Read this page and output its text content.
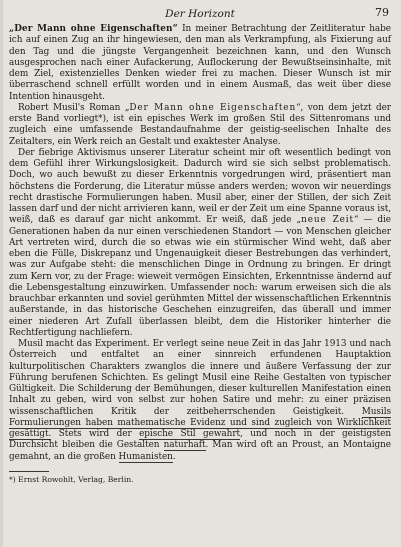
Der Horizont	79

„Der Mann ohne Eigenschaften“ In meiner Betrachtung der Zeitliteratur habe ich auf einen Zug an ihr hingewiesen, den man als Verkrampfung, als Fixierung auf den Tag und die jüngste Vergangenheit bezeichnen kann, und den Wunsch ausgesprochen nach einer Aufackerung, Auflockerung der Bewußtseinsinhalte, mit dem Ziel, existenzielles Denken wieder frei zu machen. Dieser Wunsch ist mir überraschend schnell erfüllt worden und in einem Ausmaß, das weit über diese Intention hinausgeht.

Robert Musil's Roman „Der Mann ohne Eigenschaften“, von dem jetzt der erste Band vorliegt*), ist ein episches Werk im großen Stil des Sittenromans und zugleich eine umfassende Bestandaufnahme der geistig-seelischen Inhalte des Zeitalters, ein Werk reich an Gestalt und exaktester Analyse.

Der fiebrige Aktivismus unserer Literatur scheint mir oft wesentlich bedingt von dem Gefühl ihrer Wirkungslosigkeit. Dadurch wird sie sich selbst problematisch. Doch, wo auch bewußt zu dieser Erkenntnis vorgedrungen wird, präsentiert man höchstens die Forderung, die Literatur müsse anders werden; wovon wir neuerdings recht drastische Formulierungen haben. Musil aber, einer der Stillen, der sich Zeit lassen darf und der nicht arrivieren kann, weil er der Zeit um eine Spanne voraus ist, weiß, daß es darauf gar nicht ankommt. Er weiß, daß jede „neue Zeit“ — die Generationen haben da nur einen verschiedenen Standort — von Menschen gleicher Art vertreten wird, durch die so etwas wie ein stürmischer Wind weht, daß aber eben die Fülle, Diskrepanz und Ungenauigkeit dieser Bestrebungen das verhindert, was zur Aufgabe steht: die menschlichen Dinge in Ordnung zu bringen. Er dringt zum Kern vor, zu der Frage: wieweit vermögen Einsichten, Erkenntnisse ändernd auf die Lebensgestaltung einzuwirken. Umfassender noch: warum erweisen sich die als brauchbar erkannten und soviel gerühmten Mittel der wissenschaftlichen Erkenntnis außerstande, in das historische Geschehen einzugreifen, das überall und immer einer niederen Art Zufall überlassen bleibt, dem die Historiker hinterher die Rechtfertigung nachliefern.

Musil macht das Experiment. Er verlegt seine neue Zeit in das Jahr 1913 und nach Österreich und entfaltet an einer sinnreich erfundenen Hauptaktion kulturpolitischen Charakters zwanglos die innere und äußere Verfassung der zur Führung berufenen Schichten. Es gelingt Musil eine Reihe Gestalten von typischer Gültigkeit. Die Schilderung der Bemühungen, dieser kulturellen Manifestation einen Inhalt zu geben, wird von selbst zur hohen Satire und mehr: zu einer präzisen wissenschaftlichen Kritik der zeitbeherrschenden Geistigkeit. Musils Formulierungen haben mathematische Evidenz und sind zugleich von Wirklichkeit gesättigt. Stets wird der epische Stil gewahrt, und noch in der geistigsten Durchsicht bleiben die Gestalten naturhaft. Man wird oft an Proust, an Montaigne gemahnt, an die großen Humanisten.

*) Ernst Rowohlt, Verlag, Berlin.
